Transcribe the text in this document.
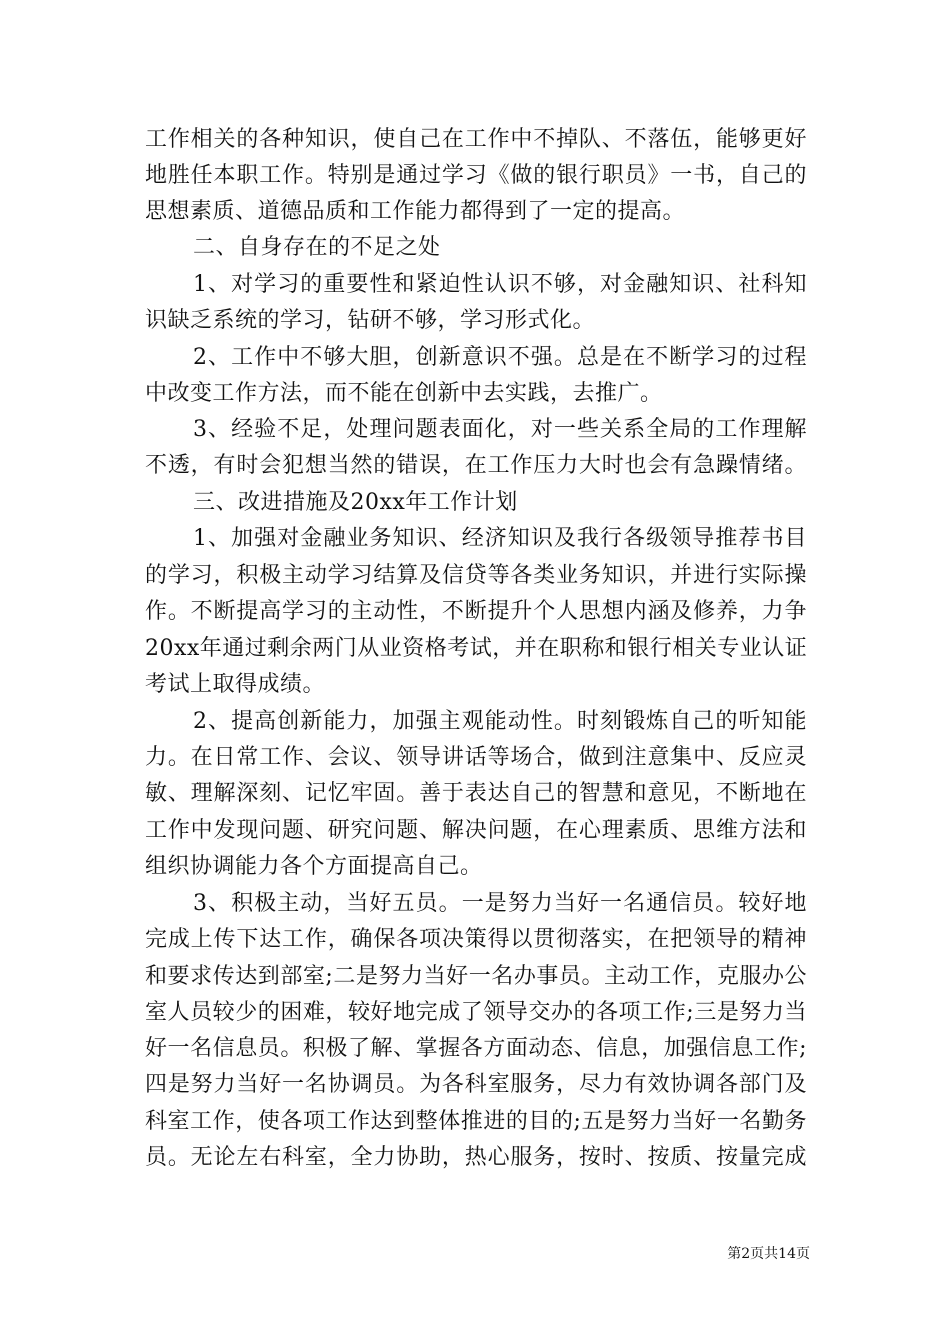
工作相关的各种知识，使自己在工作中不掉队、不落伍，能够更好
地胜任本职工作。特别是通过学习《做的银行职员》一书，自己的
思想素质、道德品质和工作能力都得到了一定的提高。
二、自身存在的不足之处
1、对学习的重要性和紧迫性认识不够，对金融知识、社科知
识缺乏系统的学习，钻研不够，学习形式化。
2、工作中不够大胆，创新意识不强。总是在不断学习的过程
中改变工作方法，而不能在创新中去实践，去推广。
3、经验不足，处理问题表面化，对一些关系全局的工作理解
不透，有时会犯想当然的错误，在工作压力大时也会有急躁情绪。
三、改进措施及20xx年工作计划
1、加强对金融业务知识、经济知识及我行各级领导推荐书目
的学习，积极主动学习结算及信贷等各类业务知识，并进行实际操
作。不断提高学习的主动性，不断提升个人思想内涵及修养，力争
20xx年通过剩余两门从业资格考试，并在职称和银行相关专业认证
考试上取得成绩。
2、提高创新能力，加强主观能动性。时刻锻炼自己的听知能
力。在日常工作、会议、领导讲话等场合，做到注意集中、反应灵
敏、理解深刻、记忆牢固。善于表达自己的智慧和意见，不断地在
工作中发现问题、研究问题、解决问题，在心理素质、思维方法和
组织协调能力各个方面提高自己。
3、积极主动，当好五员。一是努力当好一名通信员。较好地
完成上传下达工作，确保各项决策得以贯彻落实，在把领导的精神
和要求传达到部室;二是努力当好一名办事员。主动工作，克服办公
室人员较少的困难，较好地完成了领导交办的各项工作;三是努力当
好一名信息员。积极了解、掌握各方面动态、信息，加强信息工作;
四是努力当好一名协调员。为各科室服务，尽力有效协调各部门及
科室工作，使各项工作达到整体推进的目的;五是努力当好一名勤务
员。无论左右科室，全力协助，热心服务，按时、按质、按量完成
第2页共14页
